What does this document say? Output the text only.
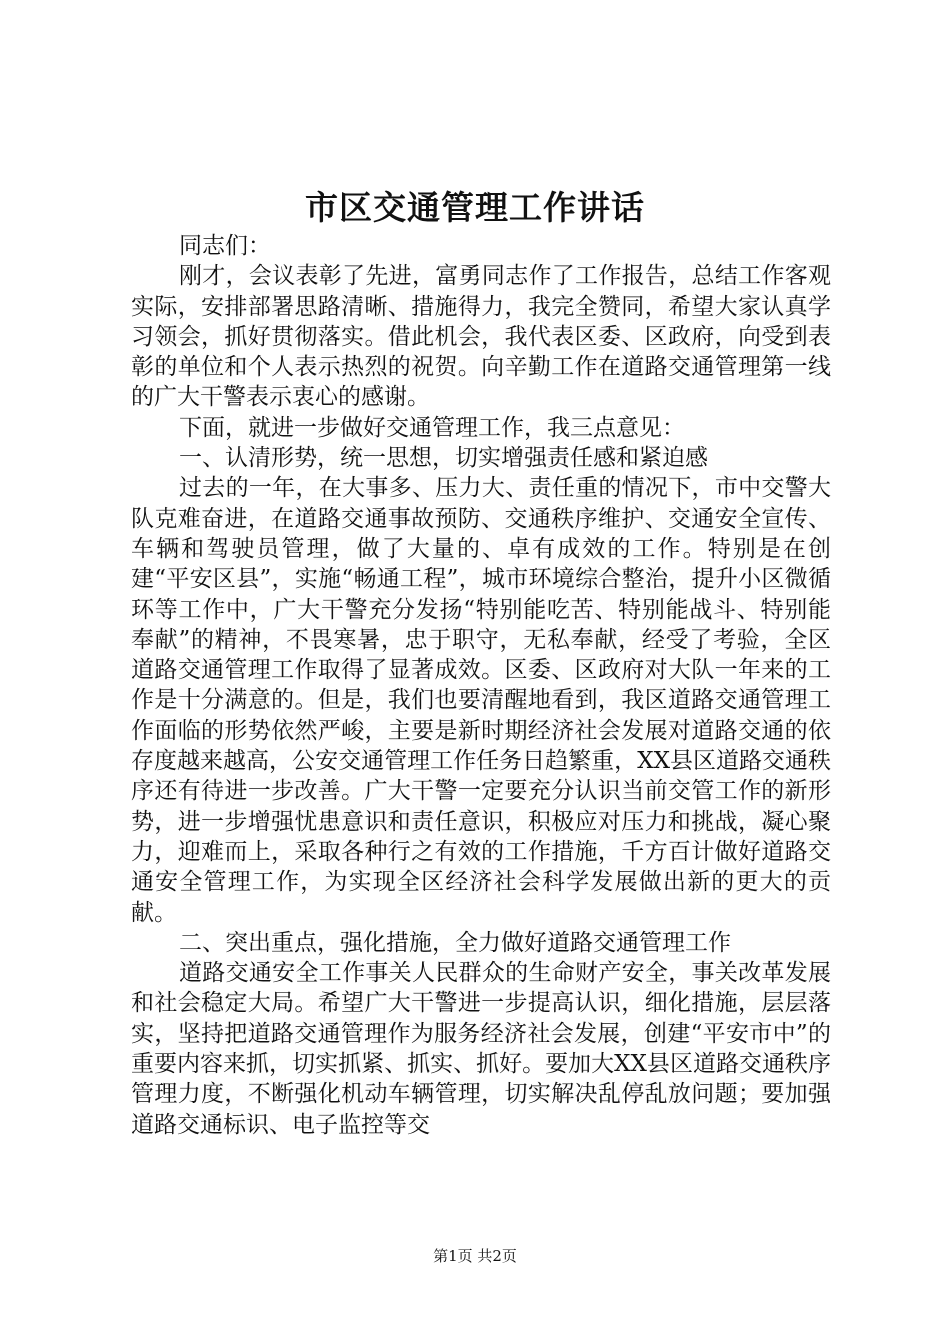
市区交通管理工作讲话

同志们：

刚才，会议表彰了先进，富勇同志作了工作报告，总结工作客观实际，安排部署思路清晰、措施得力，我完全赞同，希望大家认真学习领会，抓好贯彻落实。借此机会，我代表区委、区政府，向受到表彰的单位和个人表示热烈的祝贺。向辛勤工作在道路交通管理第一线的广大干警表示衷心的感谢。

下面，就进一步做好交通管理工作，我三点意见：

一、认清形势，统一思想，切实增强责任感和紧迫感

过去的一年，在大事多、压力大、责任重的情况下，市中交警大队克难奋进，在道路交通事故预防、交通秩序维护、交通安全宣传、车辆和驾驶员管理，做了大量的、卓有成效的工作。特别是在创建“平安区县”，实施“畅通工程”，城市环境综合整治，提升小区微循环等工作中，广大干警充分发扬“特别能吃苦、特别能战斗、特别能奉献”的精神，不畏寒暑，忠于职守，无私奉献，经受了考验，全区道路交通管理工作取得了显著成效。区委、区政府对大队一年来的工作是十分满意的。但是，我们也要清醒地看到，我区道路交通管理工作面临的形势依然严峻，主要是新时期经济社会发展对道路交通的依存度越来越高，公安交通管理工作任务日趋繁重，XX县区道路交通秩序还有待进一步改善。广大干警一定要充分认识当前交管工作的新形势，进一步增强忧患意识和责任意识，积极应对压力和挑战，凝心聚力，迎难而上，采取各种行之有效的工作措施，千方百计做好道路交通安全管理工作，为实现全区经济社会科学发展做出新的更大的贡献。

二、突出重点，强化措施，全力做好道路交通管理工作

道路交通安全工作事关人民群众的生命财产安全，事关改革发展和社会稳定大局。希望广大干警进一步提高认识，细化措施，层层落实，坚持把道路交通管理作为服务经济社会发展，创建“平安市中”的重要内容来抓，切实抓紧、抓实、抓好。要加大XX县区道路交通秩序管理力度，不断强化机动车辆管理，切实解决乱停乱放问题；要加强道路交通标识、电子监控等交

第1页 共2页
